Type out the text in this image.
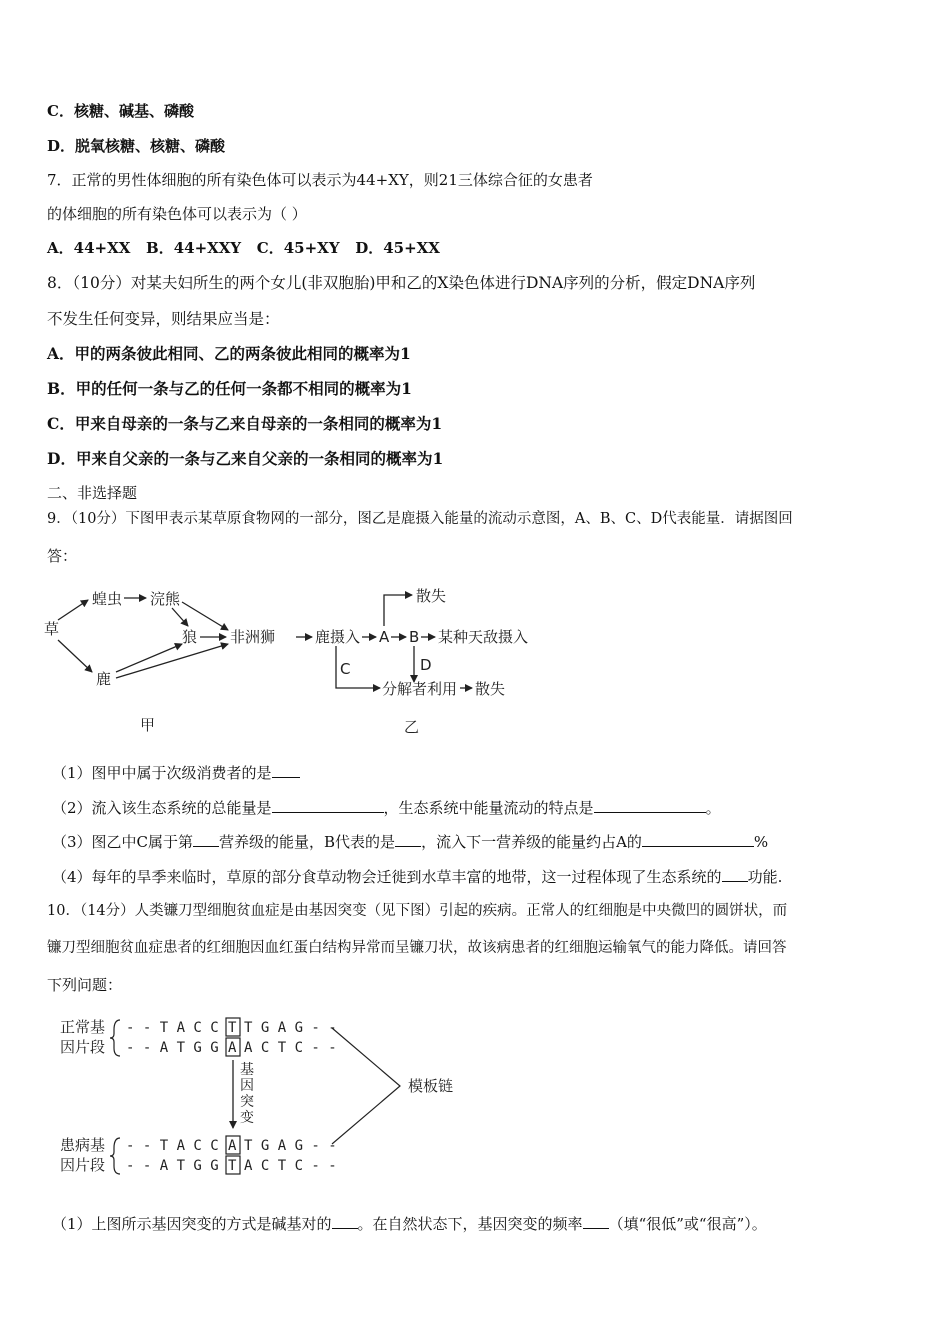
C．核糖、碱基、磷酸
D．脱氧核糖、核糖、磷酸
7．正常的男性体细胞的所有染色体可以表示为44+XY，则21三体综合征的女患者
的体细胞的所有染色体可以表示为（ ）
A．44+XX   B．44+XXY   C．45+XY   D．45+XX
8．（10分）对某夫妇所生的两个女儿(非双胞胎)甲和乙的X染色体进行DNA序列的分析，假定DNA序列
不发生任何变异，则结果应当是：
A．甲的两条彼此相同、乙的两条彼此相同的概率为1
B．甲的任何一条与乙的任何一条都不相同的概率为1
C．甲来自母亲的一条与乙来自母亲的一条相同的概率为1
D．甲来自父亲的一条与乙来自父亲的一条相同的概率为1
二、非选择题
9．（10分）下图甲表示某草原食物网的一部分，图乙是鹿摄入能量的流动示意图，A、B、C、D代表能量．请据图回
答：
草
蝗虫 浣熊
狼 非洲狮
鹿
甲
鹿摄入 A B 某种天敌摄入
散失
D
C
分解者利用 散失
乙
（1）图甲中属于次级消费者的是
（2）流入该生态系统的总能量是	，生态系统中能量流动的特点是	。
（3）图乙中C属于第 营养级的能量，B代表的是 ，流入下一营养级的能量约占A的	%
（4）每年的旱季来临时，草原的部分食草动物会迁徙到水草丰富的地带，这一过程体现了生态系统的 功能.
10．（14分）人类镰刀型细胞贫血症是由基因突变（见下图）引起的疾病。正常人的红细胞是中央微凹的圆饼状，而
镰刀型细胞贫血症患者的红细胞因血红蛋白结构异常而呈镰刀状，故该病患者的红细胞运输氧气的能力降低。请回答
下列问题：
正常基
因片段
- - T A C C T T G A G - -
- - A T G G A A C T C - -
基
因
突
变
模板链
患病基
因片段
- - T A C C A T G A G - -
- - A T G G T A C T C - -
（1）上图所示基因突变的方式是碱基对的 。在自然状态下，基因突变的频率 （填“很低”或“很高”）。
